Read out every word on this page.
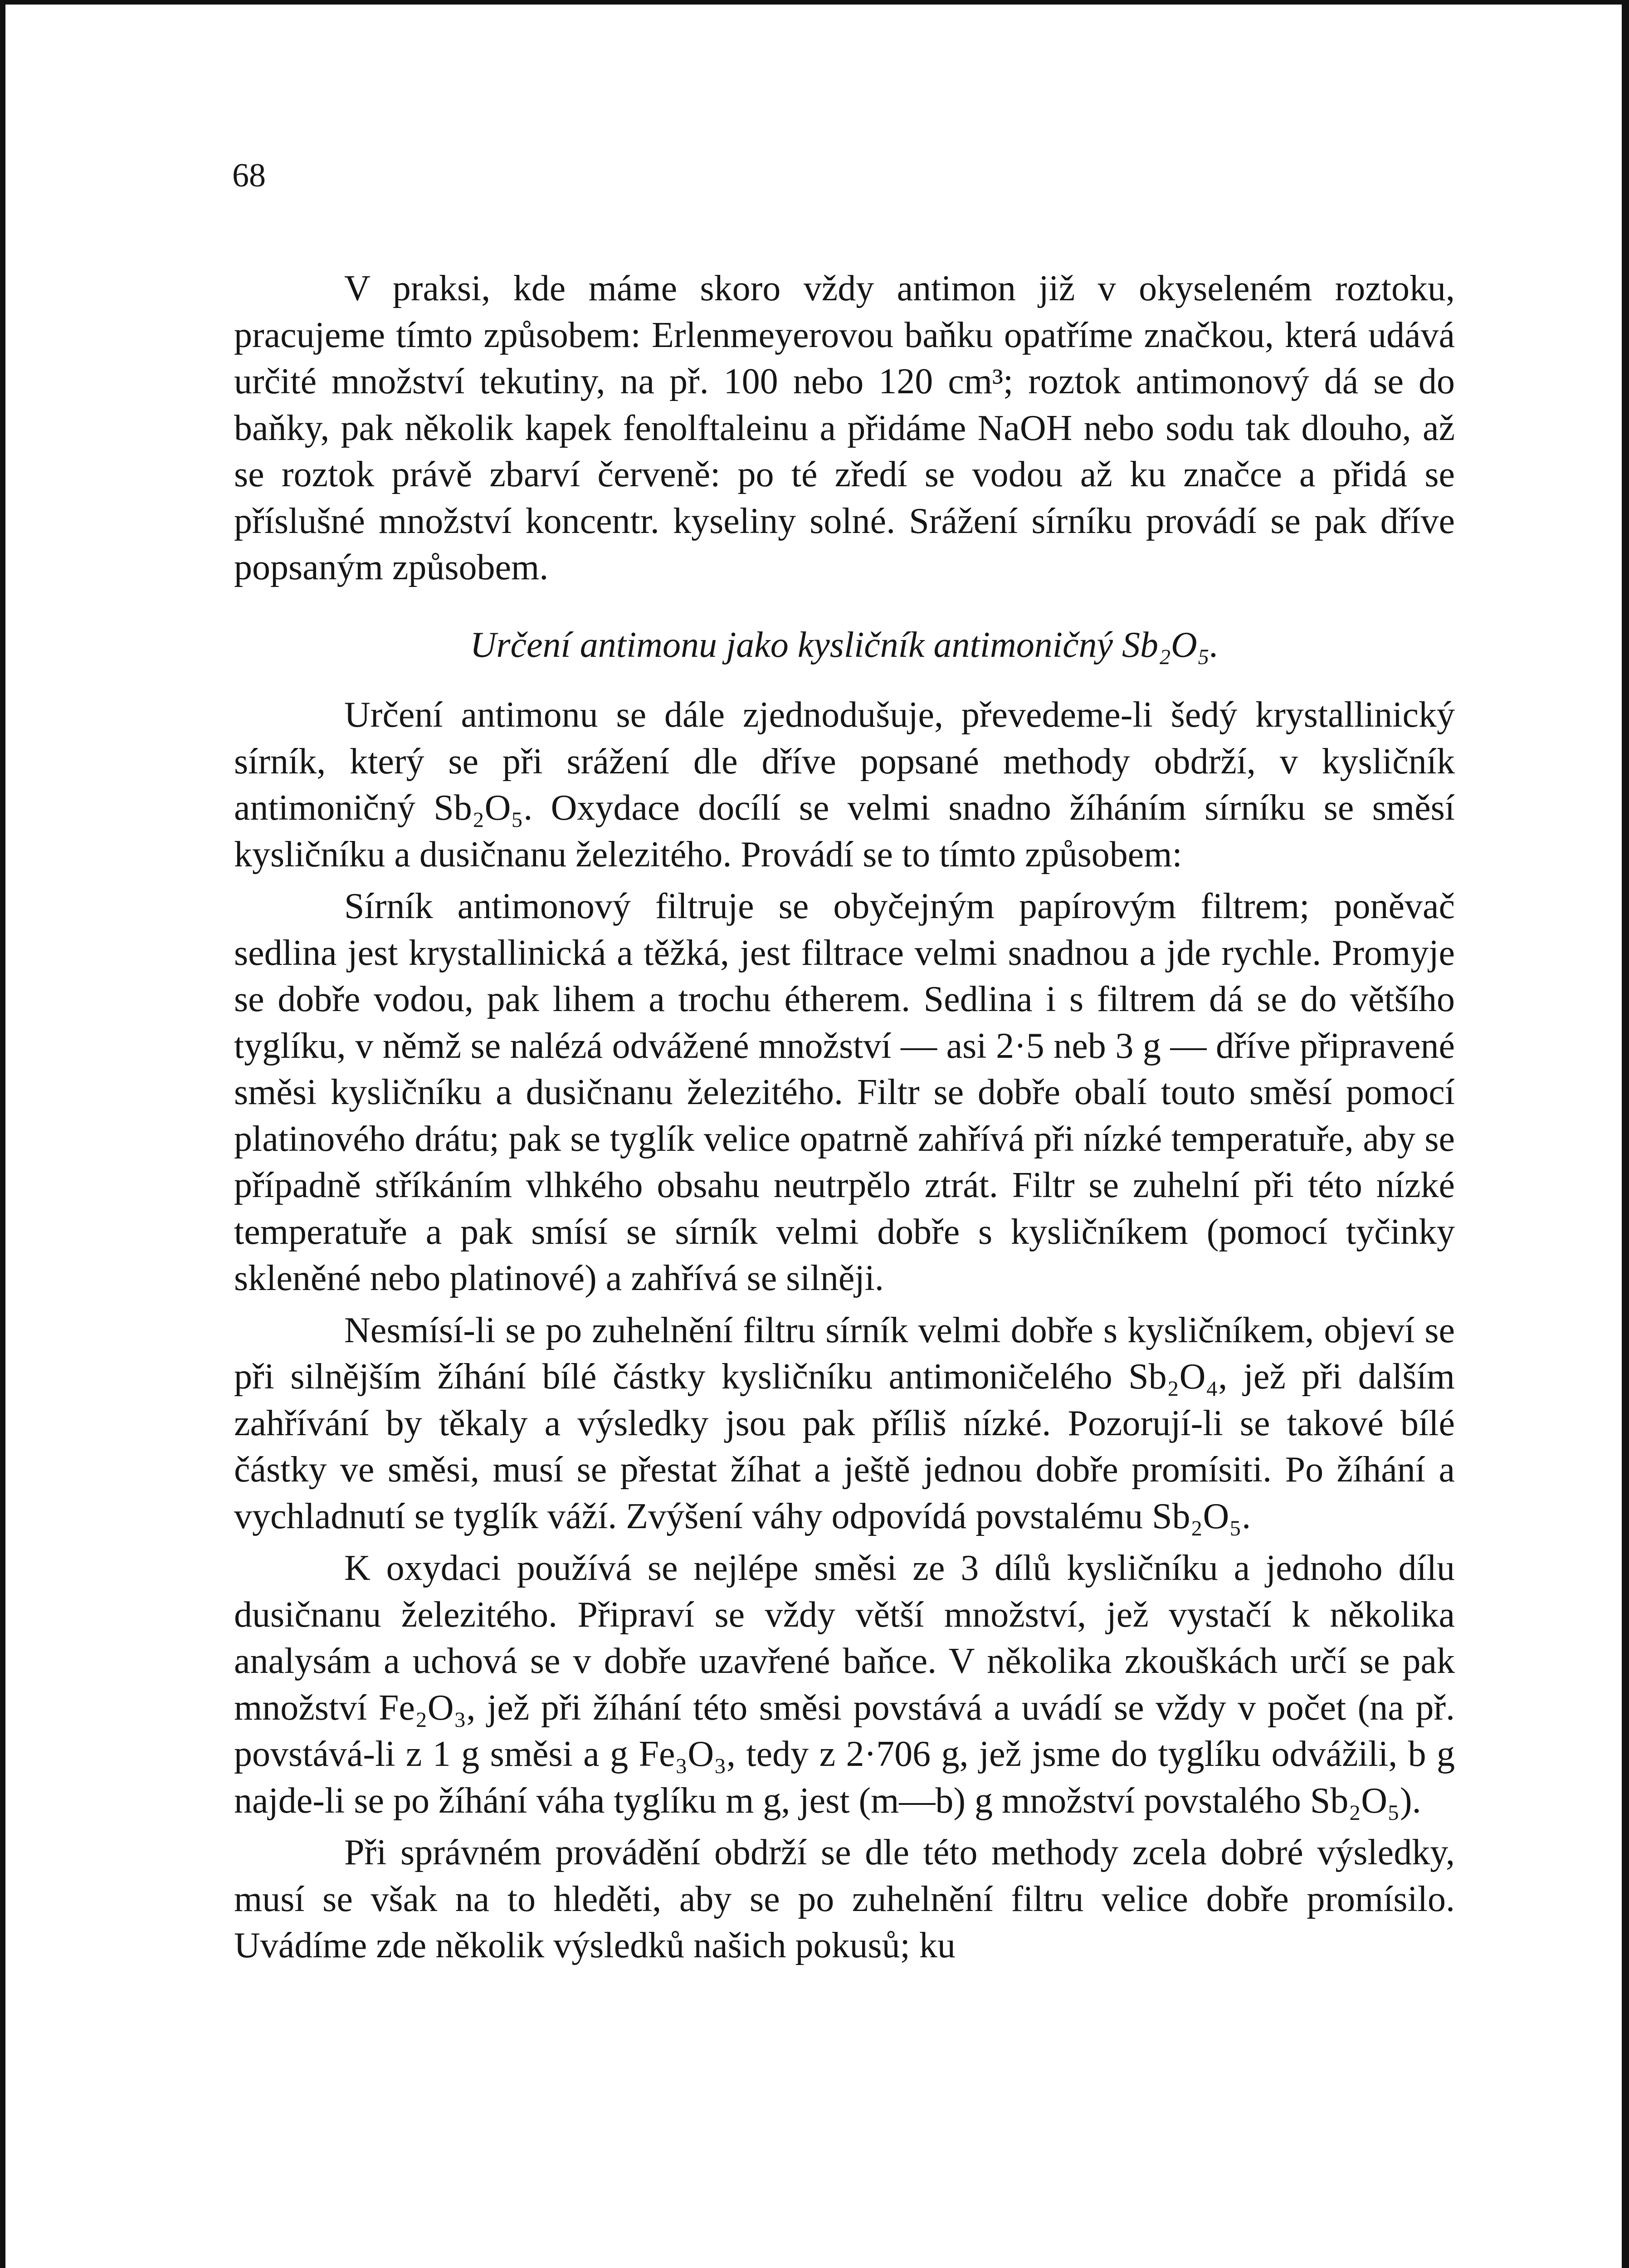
68

V praksi, kde máme skoro vždy antimon již v okyseleném roztoku, pracujeme tímto způsobem: Erlenmeyerovou baňku opatříme značkou, která udává určité množství tekutiny, na př. 100 nebo 120 cm³; roztok antimonový dá se do baňky, pak několik kapek fenolftaleinu a přidáme NaOH nebo sodu tak dlouho, až se roztok právě zbarví červeně: po té zředí se vodou až ku značce a přidá se příslušné množství koncentr. kyseliny solné. Srážení sírníku provádí se pak dříve popsaným způsobem.

Určení antimonu jako kysličník antimoničný Sb₂O₅.

Určení antimonu se dále zjednodušuje, převedeme-li šedý krystallinický sírník, který se při srážení dle dříve popsané methody obdrží, v kysličník antimoničný Sb₂O₅. Oxydace docílí se velmi snadno žíháním sírníku se směsí kysličníku a dusičnanu železitého. Provádí se to tímto způsobem:

Sírník antimonový filtruje se obyčejným papírovým filtrem; poněvač sedlina jest krystallinická a těžká, jest filtrace velmi snadnou a jde rychle. Promyje se dobře vodou, pak lihem a trochu étherem. Sedlina i s filtrem dá se do většího tyglíku, v němž se nalézá odvážené množství — asi 2·5 neb 3 g — dříve připravené směsi kysličníku a dusičnanu železitého. Filtr se dobře obalí touto směsí pomocí platinového drátu; pak se tyglík velice opatrně zahřívá při nízké temperatuře, aby se případně stříkáním vlhkého obsahu neutrpělo ztrát. Filtr se zuhelní při této nízké temperatuře a pak smísí se sírník velmi dobře s kysličníkem (pomocí tyčinky skleněné nebo platinové) a zahřívá se silněji.

Nesmísí-li se po zuhelnění filtru sírník velmi dobře s kysličníkem, objeví se při silnějším žíhání bílé částky kysličníku antimoničelého Sb₂O₄, jež při dalším zahřívání by těkaly a výsledky jsou pak příliš nízké. Pozorují-li se takové bílé částky ve směsi, musí se přestat žíhat a ještě jednou dobře promísiti. Po žíhání a vychladnutí se tyglík váží. Zvýšení váhy odpovídá povstalému Sb₂O₅.

K oxydaci používá se nejlépe směsi ze 3 dílů kysličníku a jednoho dílu dusičnanu železitého. Připraví se vždy větší množství, jež vystačí k několika analysám a uchová se v dobře uzavřené baňce. V několika zkouškách určí se pak množství Fe₂O₃, jež při žíhání této směsi povstává a uvádí se vždy v počet (na př. povstává-li z 1 g směsi a g Fe₃O₃, tedy z 2·706 g, jež jsme do tyglíku odvážili, b g najde-li se po žíhání váha tyglíku m g, jest (m—b) g množství povstalého Sb₂O₅).

Při správném provádění obdrží se dle této methody zcela dobré výsledky, musí se však na to hleděti, aby se po zuhelnění filtru velice dobře promísilo. Uvádíme zde několik výsledků našich pokusů; ku
